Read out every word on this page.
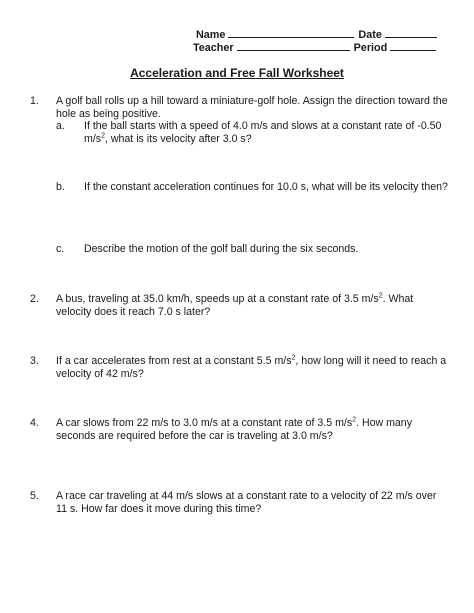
Name	Date
Teacher	Period
Acceleration and Free Fall Worksheet
1. A golf ball rolls up a hill toward a miniature-golf hole. Assign the direction toward the hole as being positive.
a. If the ball starts with a speed of 4.0 m/s and slows at a constant rate of -0.50 $m/s^2$, what is its velocity after 3.0 s?
b. If the constant acceleration continues for 10.0 s, what will be its velocity then?
c. Describe the motion of the golf ball during the six seconds.
2. A bus, traveling at 35.0 km/h, speeds up at a constant rate of 3.5 $m/s^2$. What velocity does it reach 7.0 s later?
3. If a car accelerates from rest at a constant 5.5 $m/s^2$, how long will it need to reach a velocity of 42 m/s?
4. A car slows from 22 m/s to 3.0 m/s at a constant rate of 3.5 $m/s^2$. How many seconds are required before the car is traveling at 3.0 m/s?
5. A race car traveling at 44 m/s slows at a constant rate to a velocity of 22 m/s over 11 s. How far does it move during this time?
